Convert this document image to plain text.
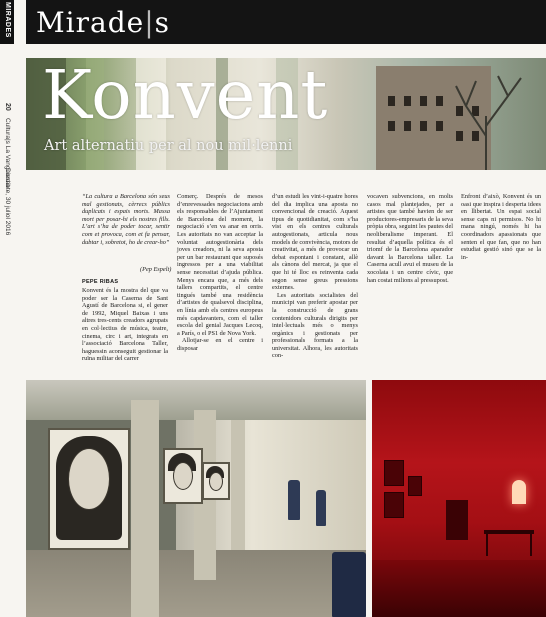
MIRADES
20
Cultura|s La Vanguardia
Dissabte, 30 juliol 2016
Mirade|s
Konvent
Art alternatiu per al nou mil·lenni
“La cultura a Barcelona són seus mal gestionats, cèrrecs públics duplicats i espais morts. Massa mort per posar-hi els nostres fills. L’art s’ha de poder tocar, sentir com et provoca, com et fa pensar, dubtar i, sobretot, ho de crear-ho”
(Pep Espelt)
PEPE RIBAS

Konvent és la mostra del que va poder ser la Caserna de Sant Agustí de Barcelona si, el gener de 1992, Miquel Baixas i uns altres tres-cents creadors agrupats en col·lectius de música, teatre, cinema, circ i art, integrats en l’associació Barcelona Taller, haguessin aconseguit gestionar la ruïna militar del carrer

Comerç. Després de mesos d’enrevessades negociacions amb els responsables de l’Ajuntament de Barcelona del moment, la negociació s’en va anar en orris. Les autoritats no van acceptar la voluntat autogestionària dels joves creadors, ni la seva aposta per un bar restaurant que suposés ingressos per a una viabilitat sense necessitat d’ajuda pública. Menys encara que, a més dels tallers compartits, el centre tingués també una residència d’artistes de qualsevol disciplina, en línia amb els centres europeus més capdavanters, com el taller escola del genial Jacques Lecoq, a París, o el PS1 de Nova York.

Allotjar-se en el centre i disposar

d’un estudi les vint-i-quatre hores del dia implica una aposta no convencional de creació. Aquest tipus de quotidianitat, com s’ha vist en els centres culturals autogestionats, articula nous models de convivència, motors de creativitat, a més de provocar un debat espontani i constant, allè als cànons del mercat, ja que el que hi té lloc es reinventa cada segon sense greus pressions externes.

Les autoritats socialistes del municipi van preferir apostar per la construcció de grans contenidors culturals dirigits per intel·lectuals més o menys orgànics i gestionats per professionals formats a la universitat. Alhora, les autoritats con-

vocaven subvencions, en molts casos mal plantejades, per a artistes que també havien de ser productores-empresaris de la seva pròpia obra, seguint les pautes del neoliberalisme imperant. El resultat d’aquella política és el triomf de la Barcelona aparador davant la Barcelona taller. La Caserna acull avui el museu de la xocolata i un centre cívic, que han costat milions al pressupost.

Enfront d’això, Konvent és un oasi que inspira i desperta idees en llibertat. Un espai social sense caps ni permisos. No hi mana ningú, només hi ha coordinadors apassionats que senten el que fan, que no han estudiat gestió sinó que se la in-
